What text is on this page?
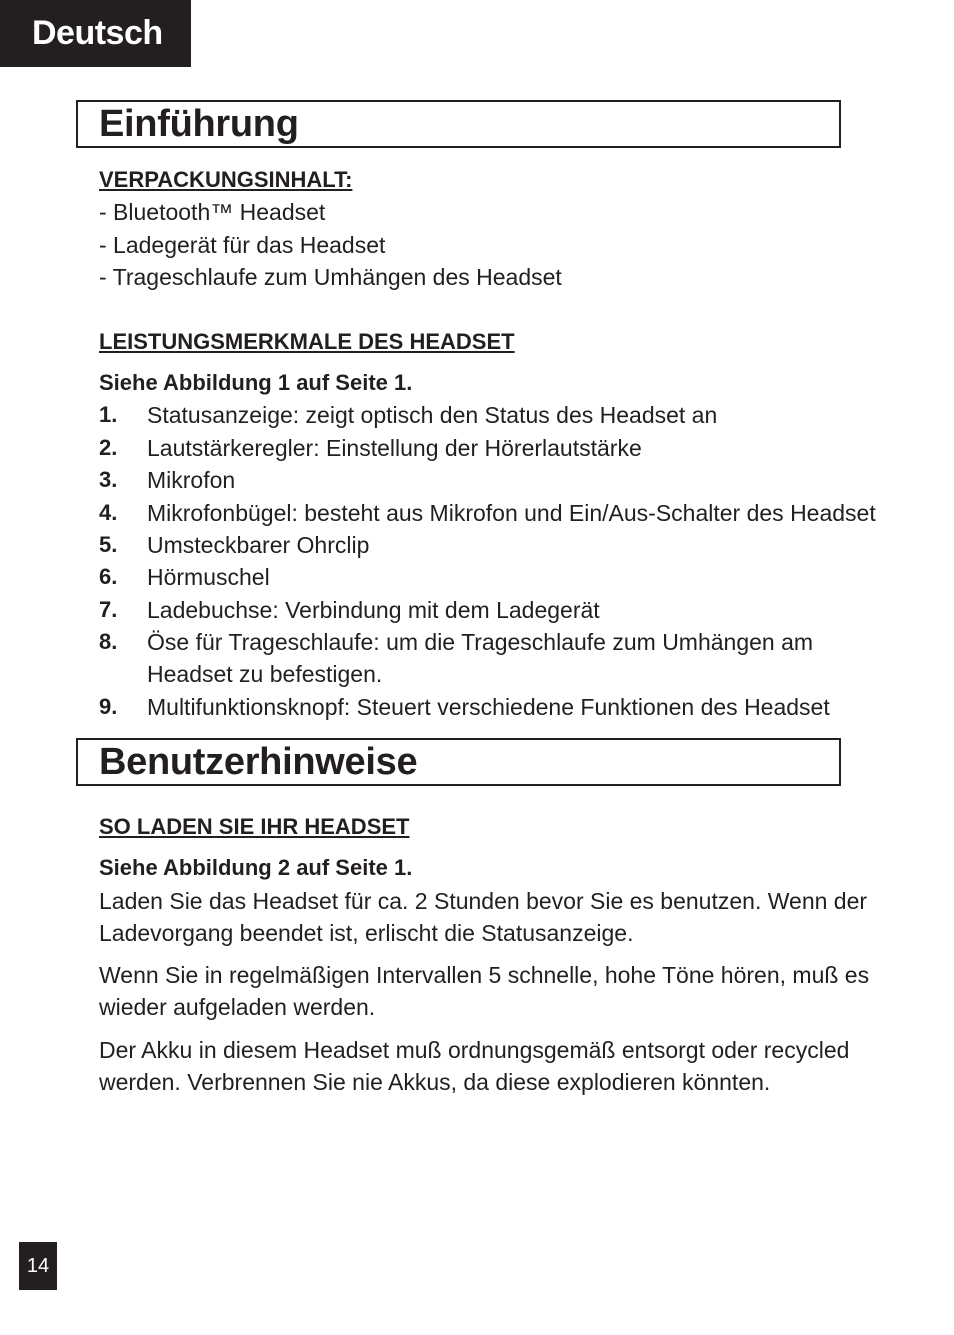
Deutsch
Einführung
VERPACKUNGSINHALT:
- Bluetooth™ Headset
- Ladegerät für das Headset
- Trageschlaufe zum Umhängen des Headset
LEISTUNGSMERKMALE DES HEADSET
Siehe Abbildung 1 auf Seite 1.
1. Statusanzeige: zeigt optisch den Status des Headset an
2. Lautstärkeregler: Einstellung der Hörerlautstärke
3. Mikrofon
4. Mikrofonbügel: besteht aus Mikrofon und Ein/Aus-Schalter des Headset
5. Umsteckbarer Ohrclip
6. Hörmuschel
7. Ladebuchse: Verbindung mit dem Ladegerät
8. Öse für Trageschlaufe: um die Trageschlaufe zum Umhängen am
Headset zu befestigen.
9. Multifunktionsknopf: Steuert verschiedene Funktionen des Headset
Benutzerhinweise
SO LADEN SIE IHR HEADSET
Siehe Abbildung 2 auf Seite 1.
Laden Sie das Headset für ca. 2 Stunden bevor Sie es benutzen. Wenn der
Ladevorgang beendet ist, erlischt die Statusanzeige.
Wenn Sie in regelmäßigen Intervallen 5 schnelle, hohe Töne hören, muß es
wieder aufgeladen werden.
Der Akku in diesem Headset muß ordnungsgemäß entsorgt oder recycled
werden. Verbrennen Sie nie Akkus, da diese explodieren könnten.
14
